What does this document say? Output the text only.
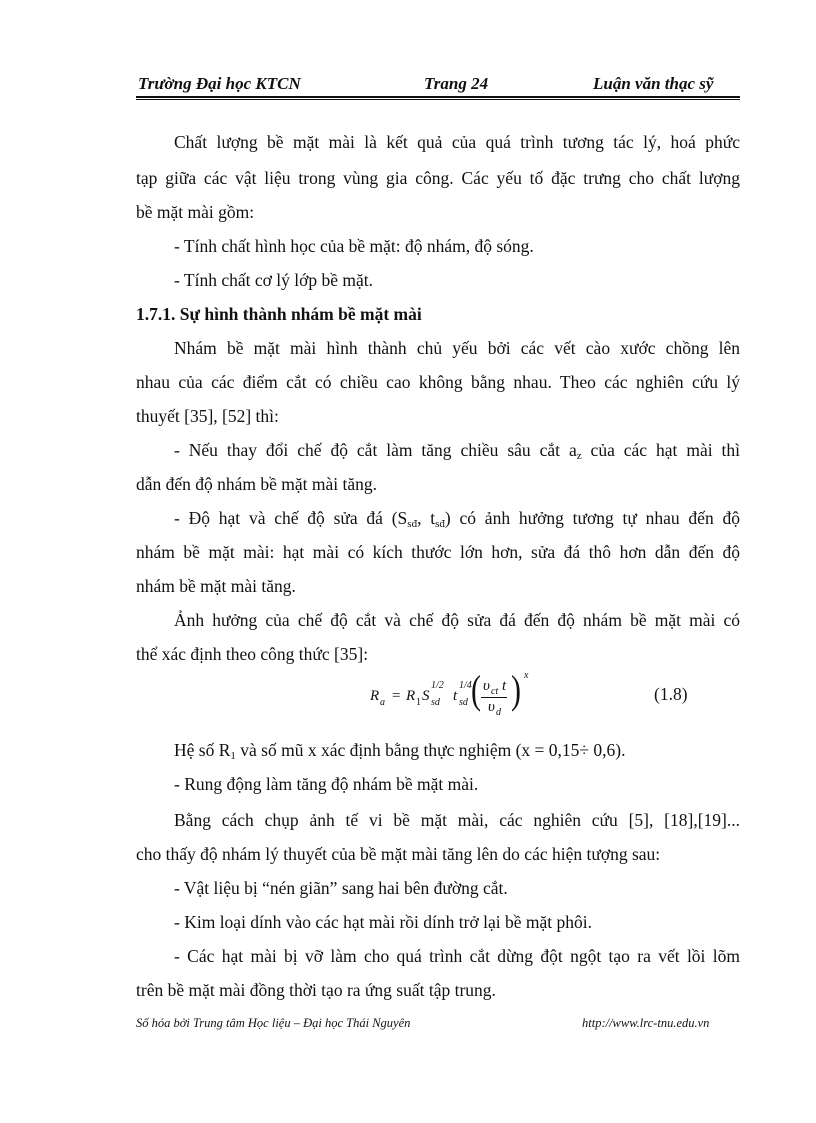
Trường Đại học KTCN	Trang 24	Luận văn thạc sỹ
Chất lượng bề mặt mài là kết quả của quá trình tương tác lý, hoá phức
tạp giữa các vật liệu trong vùng gia công. Các yếu tố đặc trưng cho chất lượng
bề mặt mài gồm:
- Tính chất hình học của bề mặt: độ nhám, độ sóng.
- Tính chất cơ lý lớp bề mặt.
1.7.1. Sự hình thành nhám bề mặt mài
Nhám bề mặt mài hình thành chủ yếu bởi các vết cào xước chồng lên
nhau của các điểm cắt có chiều cao không bằng nhau. Theo các nghiên cứu lý
thuyết [35], [52] thì:
- Nếu thay đổi chế độ cắt làm tăng chiều sâu cắt $a_z$ của các hạt mài thì
dẫn đến độ nhám bề mặt mài tăng.
- Độ hạt và chế độ sửa đá ($S_{sđ}$, $t_{sđ}$) có ảnh hưởng tương tự nhau đến độ
nhám bề mặt mài: hạt mài có kích thước lớn hơn, sửa đá thô hơn dẫn đến độ
nhám bề mặt mài tăng.
Ảnh hưởng của chế độ cắt và chế độ sửa đá đến độ nhám bề mặt mài có
thể xác định theo công thức [35]:
R a = R 1 S sd
1/2
t sd
1/4 ( υ ct t
υ d ) x
(1.8)
Hệ số $R_1$ và số mũ x xác định bằng thực nghiệm (x = 0,15÷ 0,6).
- Rung động làm tăng độ nhám bề mặt mài.
Bằng cách chụp ảnh tế vi bề mặt mài, các nghiên cứu [5], [18],[19]...
cho thấy độ nhám lý thuyết của bề mặt mài tăng lên do các hiện tượng sau:
- Vật liệu bị “nén giãn” sang hai bên đường cắt.
- Kim loại dính vào các hạt mài rồi dính trở lại bề mặt phôi.
- Các hạt mài bị vỡ làm cho quá trình cắt dừng đột ngột tạo ra vết lồi lõm
trên bề mặt mài đồng thời tạo ra ứng suất tập trung.
Số hóa bởi Trung tâm Học liệu – Đại học Thái Nguyên	http://www.lrc-tnu.edu.vn
